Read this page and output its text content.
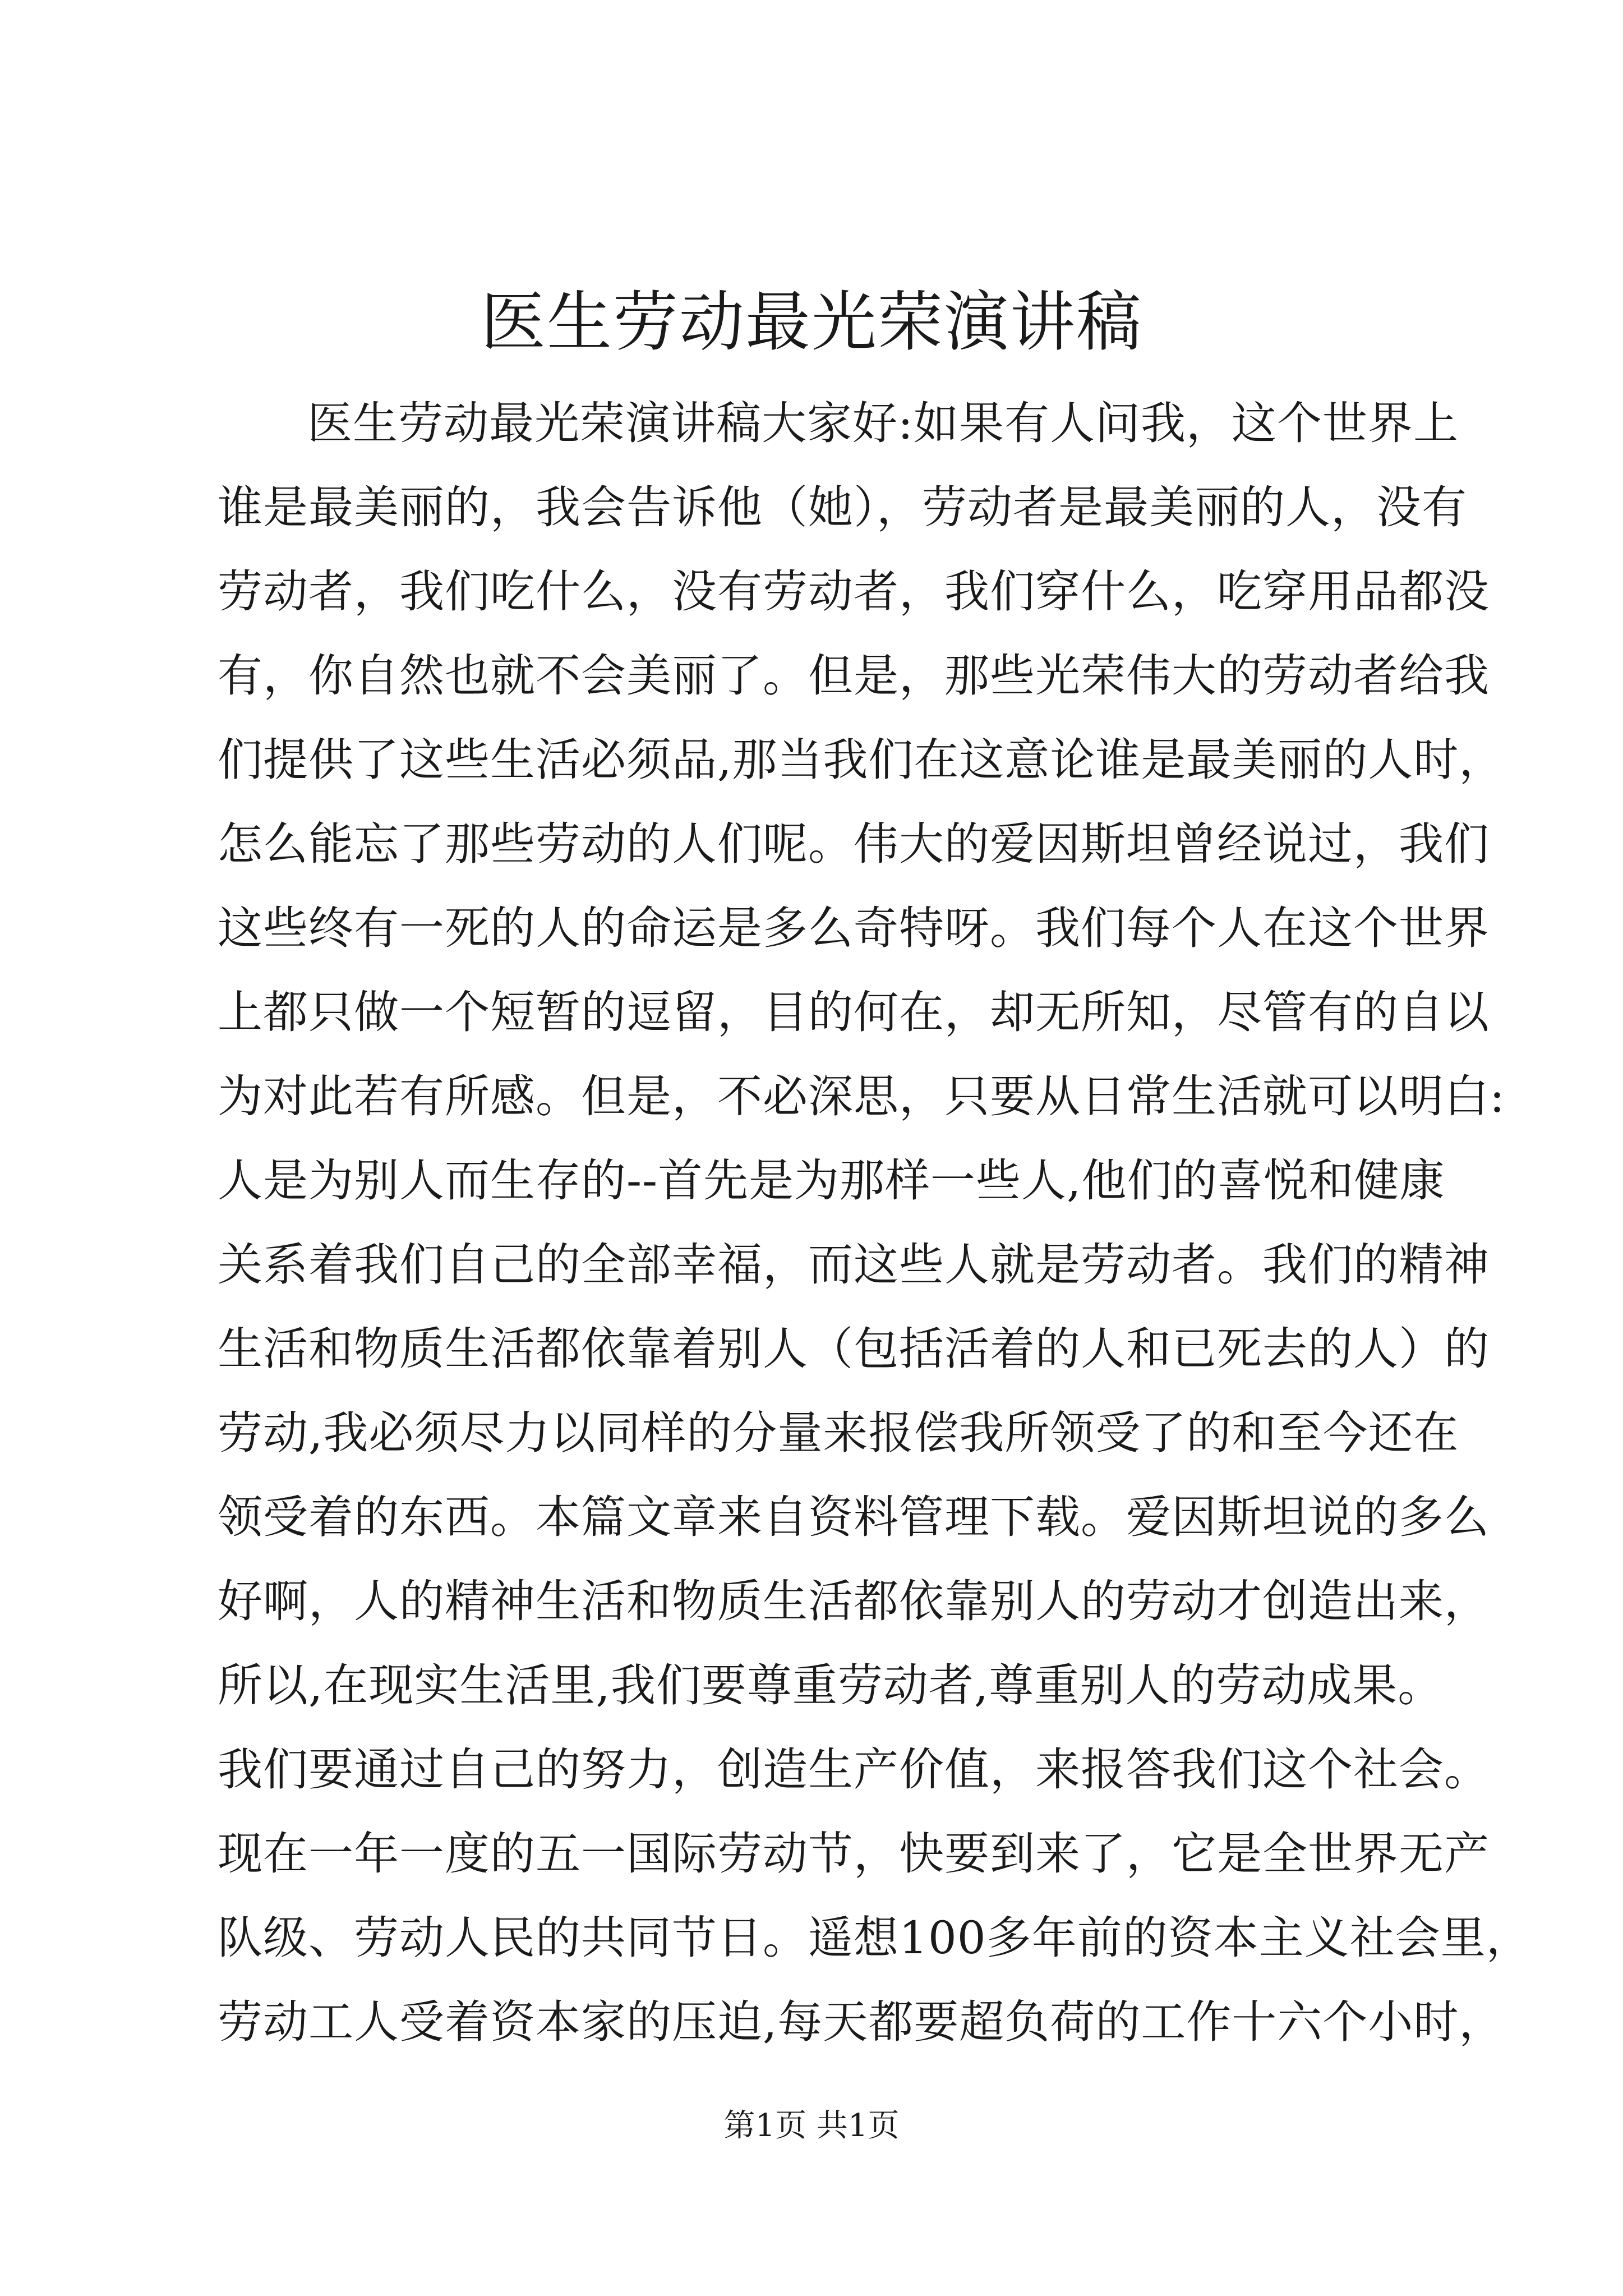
医生劳动最光荣演讲稿
医生劳动最光荣演讲稿大家好:如果有人问我，这个世界上
谁是最美丽的，我会告诉他（她），劳动者是最美丽的人，没有
劳动者，我们吃什么，没有劳动者，我们穿什么，吃穿用品都没
有，你自然也就不会美丽了。但是，那些光荣伟大的劳动者给我
们提供了这些生活必须品,那当我们在这意论谁是最美丽的人时，
怎么能忘了那些劳动的人们呢。伟大的爱因斯坦曾经说过，我们
这些终有一死的人的命运是多么奇特呀。我们每个人在这个世界
上都只做一个短暂的逗留，目的何在，却无所知，尽管有的自以
为对此若有所感。但是，不必深思，只要从日常生活就可以明白:
人是为别人而生存的--首先是为那样一些人,他们的喜悦和健康
关系着我们自己的全部幸福，而这些人就是劳动者。我们的精神
生活和物质生活都依靠着别人（包括活着的人和已死去的人）的
劳动,我必须尽力以同样的分量来报偿我所领受了的和至今还在
领受着的东西。本篇文章来自资料管理下载。爱因斯坦说的多么
好啊，人的精神生活和物质生活都依靠别人的劳动才创造出来，
所以,在现实生活里,我们要尊重劳动者,尊重别人的劳动成果。
我们要通过自己的努力，创造生产价值，来报答我们这个社会。
现在一年一度的五一国际劳动节，快要到来了，它是全世界无产
队级、劳动人民的共同节日。遥想100多年前的资本主义社会里，
劳动工人受着资本家的压迫,每天都要超负荷的工作十六个小时，
第1页 共1页
